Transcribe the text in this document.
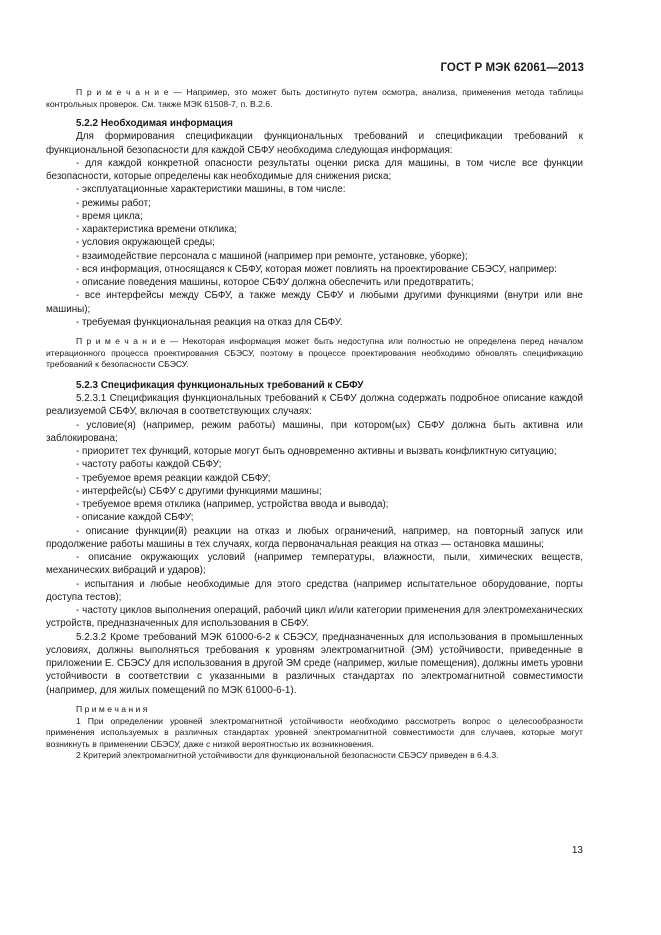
ГОСТ Р МЭК 62061—2013

П р и м е ч а н и е — Например, это может быть достигнуто путем осмотра, анализа, применения метода таблицы контрольных проверок. См. также МЭК 61508-7, п. В.2.6.

5.2.2 Необходимая информация

Для формирования спецификации функциональных требований и спецификации требований к функциональной безопасности для каждой СБФУ необходима следующая информация:

- для каждой конкретной опасности результаты оценки риска для машины, в том числе все функции безопасности, которые определены как необходимые для снижения риска;

- эксплуатационные характеристики машины, в том числе:

- режимы работ;

- время цикла;

- характеристика времени отклика;

- условия окружающей среды;

- взаимодействие персонала с машиной (например при ремонте, установке, уборке);

- вся информация, относящаяся к СБФУ, которая может повлиять на проектирование СБЭСУ, например:

- описание поведения машины, которое СБФУ должна обеспечить или предотвратить;

- все интерфейсы между СБФУ, а также между СБФУ и любыми другими функциями (внутри или вне машины);

- требуемая функциональная реакция на отказ для СБФУ.

П р и м е ч а н и е — Некоторая информация может быть недоступна или полностью не определена перед началом итерационного процесса проектирования СБЭСУ, поэтому в процессе проектирования необходимо обновлять спецификацию требований к безопасности СБЭСУ.

5.2.3 Спецификация функциональных требований к СБФУ

5.2.3.1 Спецификация функциональных требований к СБФУ должна содержать подробное описание каждой реализуемой СБФУ, включая в соответствующих случаях:

- условие(я) (например, режим работы) машины, при котором(ых) СБФУ должна быть активна или заблокирована;

- приоритет тех функций, которые могут быть одновременно активны и вызвать конфликтную ситуацию;

- частоту работы каждой СБФУ;

- требуемое время реакции каждой СБФУ;

- интерфейс(ы) СБФУ с другими функциями машины;

- требуемое время отклика (например, устройства ввода и вывода);

- описание каждой СБФУ;

- описание функции(й) реакции на отказ и любых ограничений, например, на повторный запуск или продолжение работы машины в тех случаях, когда первоначальная реакция на отказ — остановка машины;

- описание окружающих условий (например температуры, влажности, пыли, химических веществ, механических вибраций и ударов);

- испытания и любые необходимые для этого средства (например испытательное оборудование, порты доступа тестов);

- частоту циклов выполнения операций, рабочий цикл и/или категории применения для электромеханических устройств, предназначенных для использования в СБФУ.

5.2.3.2 Кроме требований МЭК 61000-6-2 к СБЭСУ, предназначенных для использования в промышленных условиях, должны выполняться требования к уровням электромагнитной (ЭМ) устойчивости, приведенные в приложении Е. СБЭСУ для использования в другой ЭМ среде (например, жилые помещения), должны иметь уровни устойчивости в соответствии с указанными в различных стандартах по электромагнитной совместимости (например, для жилых помещений по МЭК 61000-6-1).

П р и м е ч а н и я

1 При определении уровней электромагнитной устойчивости необходимо рассмотреть вопрос о целесообразности применения используемых в различных стандартах уровней электромагнитной совместимости для случаев, которые могут возникнуть в применении СБЭСУ, даже с низкой вероятностью их возникновения.

2 Критерий электромагнитной устойчивости для функциональной безопасности СБЭСУ приведен в 6.4.3.

13
